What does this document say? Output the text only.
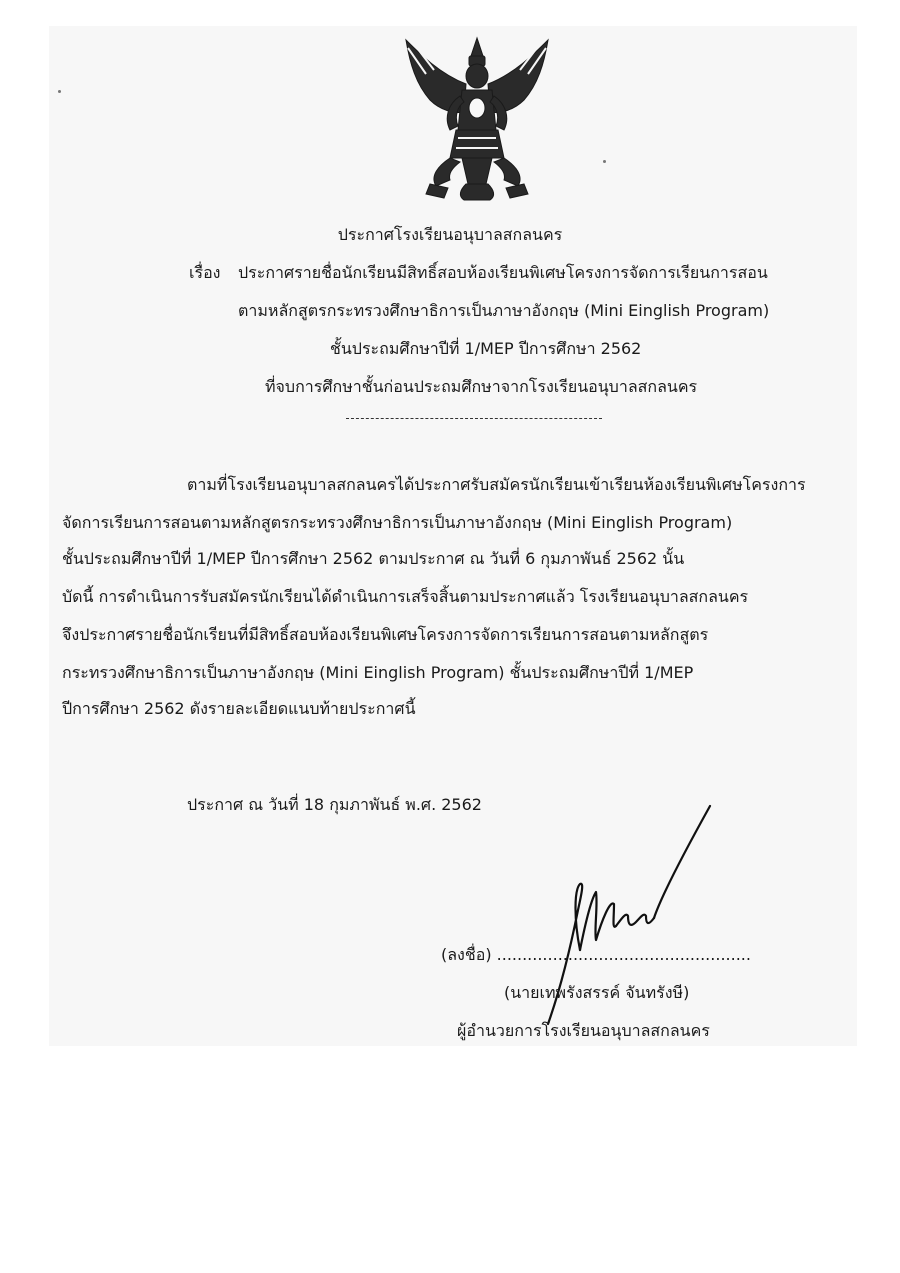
ประกาศโรงเรียนอนุบาลสกลนคร
เรื่อง ประกาศรายชื่อนักเรียนมีสิทธิ์สอบห้องเรียนพิเศษโครงการจัดการเรียนการสอน
ตามหลักสูตรกระทรวงศึกษาธิการเป็นภาษาอังกฤษ (Mini Einglish Program)
ชั้นประถมศึกษาปีที่ 1/MEP ปีการศึกษา 2562
ที่จบการศึกษาชั้นก่อนประถมศึกษาจากโรงเรียนอนุบาลสกลนคร
ตามที่โรงเรียนอนุบาลสกลนครได้ประกาศรับสมัครนักเรียนเข้าเรียนห้องเรียนพิเศษโครงการ
จัดการเรียนการสอนตามหลักสูตรกระทรวงศึกษาธิการเป็นภาษาอังกฤษ (Mini Einglish Program)
ชั้นประถมศึกษาปีที่ 1/MEP ปีการศึกษา 2562 ตามประกาศ ณ วันที่ 6 กุมภาพันธ์ 2562 นั้น
บัดนี้ การดำเนินการรับสมัครนักเรียนได้ดำเนินการเสร็จสิ้นตามประกาศแล้ว โรงเรียนอนุบาลสกลนคร
จึงประกาศรายชื่อนักเรียนที่มีสิทธิ์สอบห้องเรียนพิเศษโครงการจัดการเรียนการสอนตามหลักสูตร
กระทรวงศึกษาธิการเป็นภาษาอังกฤษ (Mini Einglish Program) ชั้นประถมศึกษาปีที่ 1/MEP
ปีการศึกษา 2562 ดังรายละเอียดแนบท้ายประกาศนี้
ประกาศ ณ วันที่ 18 กุมภาพันธ์ พ.ศ. 2562
(ลงชื่อ) ..................................................
(นายเทพรังสรรค์ จันทรังษี)
ผู้อำนวยการโรงเรียนอนุบาลสกลนคร
